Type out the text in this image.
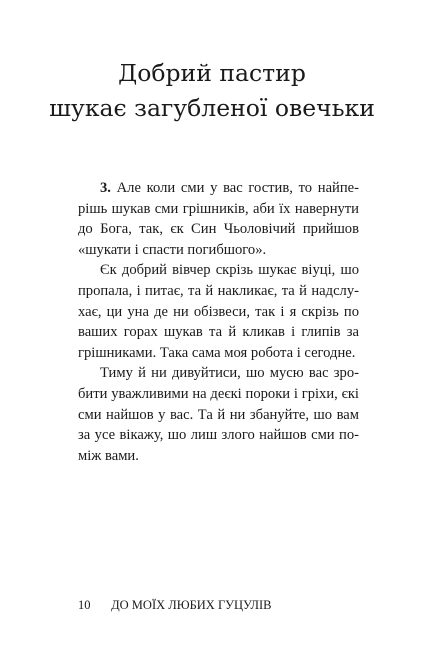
Добрий пастир
шукає загубленої овечьки
3. Але коли сми у вас гостив, то найпе-
рішь шукав сми грішників, аби їх навернути
до Бога, так, єк Син Чьоловічий прийшов
«шукати і спасти погибшого».
Єк добрий вівчер скрізь шукає віуці, шо
пропала, і питає, та й накликає, та й надслу-
хає, ци уна де ни обізвеси, так і я скрізь по
ваших горах шукав та й кликав і глипів за
грішниками. Така сама моя робота і сегодне.
Тиму й ни дивуйтиси, шо мусю вас зро-
бити уважливими на деєкі пороки і гріхи, єкі
сми найшов у вас. Та й ни збануйте, шо вам
за усе вікажу, шо лиш злого найшов сми по-
між вами.
10 ДО МОЇХ ЛЮБИХ ГУЦУЛІВ
